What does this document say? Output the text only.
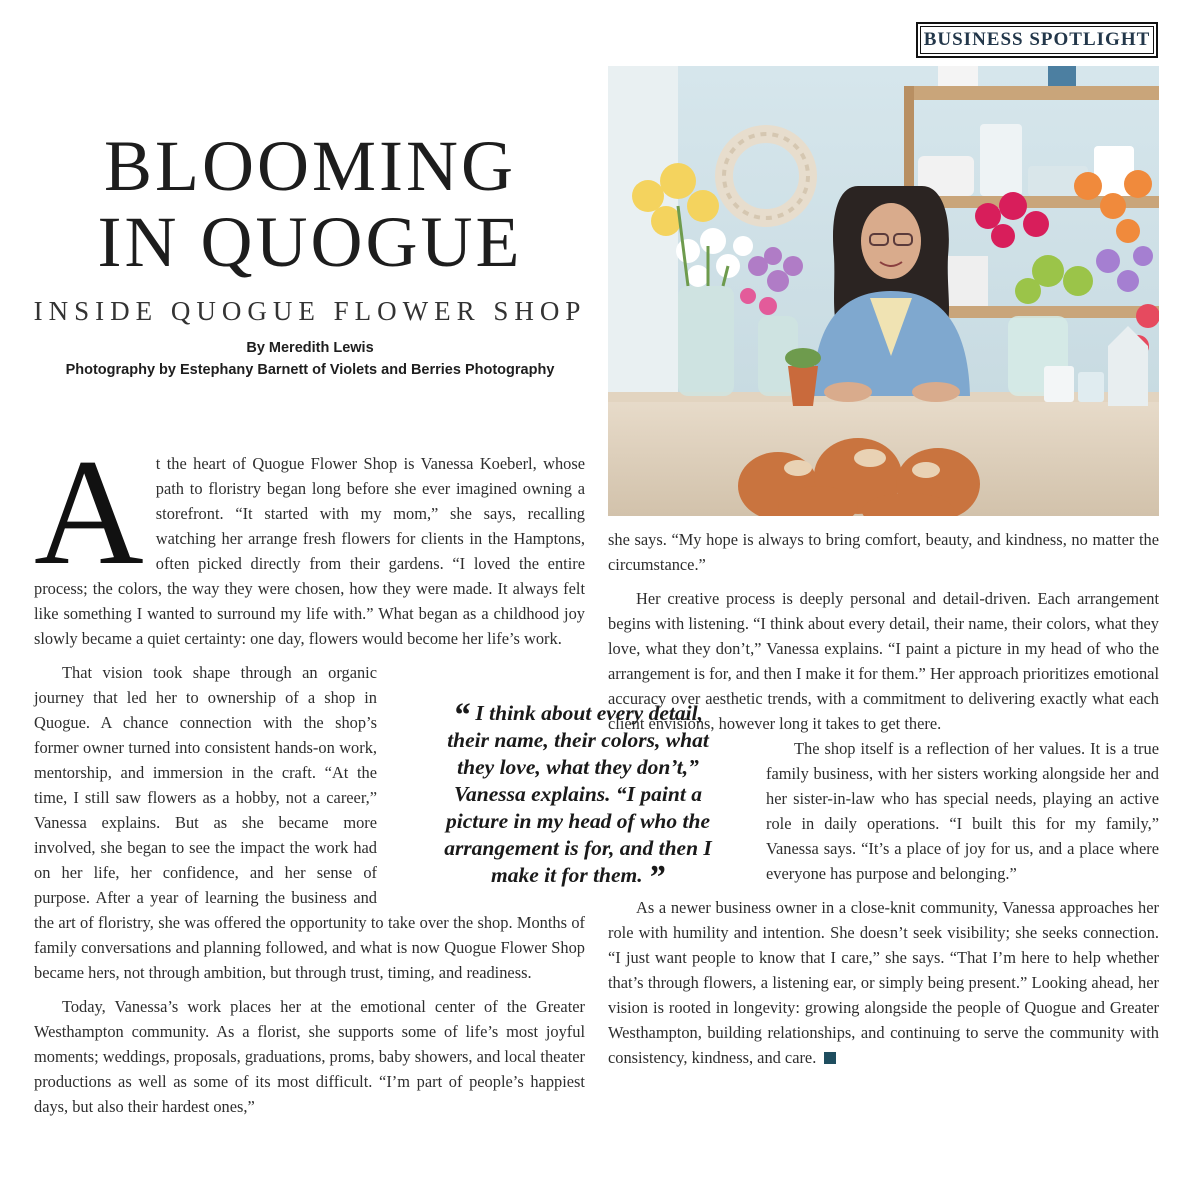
BUSINESS SPOTLIGHT
BLOOMING
IN QUOGUE
INSIDE QUOGUE FLOWER SHOP
By Meredith Lewis
Photography by Estephany Barnett of Violets and Berries Photography

A t the heart of Quogue Flower Shop is Vanessa Koeberl, whose path to floristry began long before she ever imagined owning a storefront. “It started with my mom,” she says, recalling watching her arrange fresh flowers for clients in the Hamptons, often picked directly from their gardens. “I loved the entire process; the colors, the way they were chosen, how they were made. It always felt like something I wanted to surround my life with.” What began as a childhood joy slowly became a quiet certainty: one day, flowers would become her life’s work.

That vision took shape through an organic journey that led her to ownership of a shop in Quogue. A chance connection with the shop’s former owner turned into consistent hands-on work, mentorship, and immersion in the craft. “At the time, I still saw flowers as a hobby, not a career,” Vanessa explains. But as she became more involved, she began to see the impact the work had on her life, her confidence, and her sense of purpose. After a year of learning the business and the art of floristry, she was offered the opportunity to take over the shop. Months of family conversations and planning followed, and what is now Quogue Flower Shop became hers, not through ambition, but through trust, timing, and readiness.

Today, Vanessa’s work places her at the emotional center of the Greater Westhampton community. As a florist, she supports some of life’s most joyful moments; weddings, proposals, graduations, proms, baby showers, and local theater productions as well as some of its most difficult. “I’m part of people’s happiest days, but also their hardest ones,”

“ I think about every detail, their name, their colors, what they love, what they don’t,” Vanessa explains. “I paint a picture in my head of who the arrangement is for, and then I make it for them. ”

she says. “My hope is always to bring comfort, beauty, and kindness, no matter the circumstance.”

Her creative process is deeply personal and detail-driven. Each arrangement begins with listening. “I think about every detail, their name, their colors, what they love, what they don’t,” Vanessa explains. “I paint a picture in my head of who the arrangement is for, and then I make it for them.” Her approach prioritizes emotional accuracy over aesthetic trends, with a commitment to delivering exactly what each client envisions, however long it takes to get there.

The shop itself is a reflection of her values. It is a true family business, with her sisters working alongside her and her sister-in-law who has special needs, playing an active role in daily operations. “I built this for my family,” Vanessa says. “It’s a place of joy for us, and a place where everyone has purpose and belonging.”

As a newer business owner in a close-knit community, Vanessa approaches her role with humility and intention. She doesn’t seek visibility; she seeks connection. “I just want people to know that I care,” she says. “That I’m here to help whether that’s through flowers, a listening ear, or simply being present.” Looking ahead, her vision is rooted in longevity: growing alongside the people of Quogue and Greater Westhampton, building relationships, and continuing to serve the community with consistency, kindness, and care.
